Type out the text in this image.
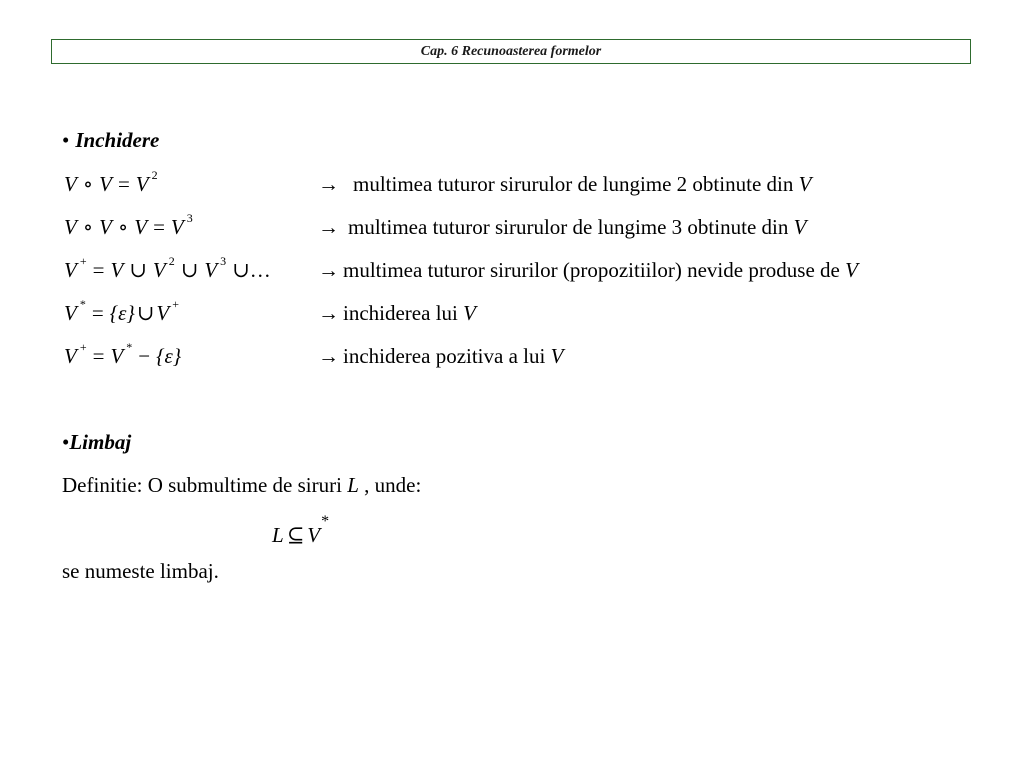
Cap. 6 Recunoasterea formelor
• Inchidere
V ∘ V = V $^2$	→ multimea tuturor sirurulor de lungime 2 obtinute din V
V ∘ V ∘ V = V $^3$	→ multimea tuturor sirurulor de lungime 3 obtinute din V
V + = V ∪ V $^2$ ∪ V $^3$ ∪… → multimea tuturor sirurilor (propozitiilor) nevide produse de V
V * = {ε}∪V +	→ inchiderea lui V
V + = V * − {ε}	→ inchiderea pozitiva a lui V
•Limbaj
Definitie: O submultime de siruri L , unde:
L ⊆ V*
se numeste limbaj.
